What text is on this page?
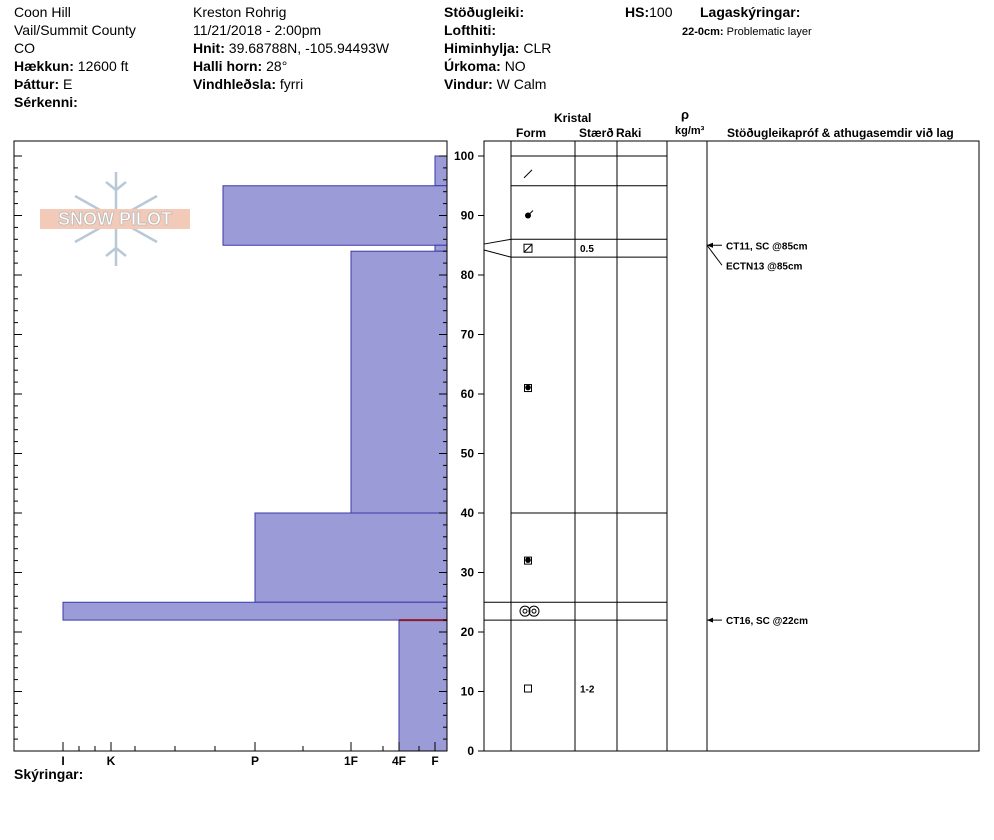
Coon Hill
Vail/Summit County
CO
Hækkun: 12600 ft
Þáttur: E
Sérkenni:
Kreston Rohrig
11/21/2018 - 2:00pm
Hnit: 39.68788N, -105.94493W
Halli horn: 28°
Vindhleðsla: fyrri
Stöðugleiki:
Lofthiti:
Himinhylja: CLR
Úrkoma: NO
Vindur: W Calm
HS:100 Lagaskýringar:
22-0cm: Problematic layer
Skýringar:
Kristal
Form	Stærð Raki
ρ
kg/m³ Stöðugleikapróf & athugasemdir við lag
SNOW PILOT
I	K	P	1F	4F F
0
10
20
30
40
50
60
70
80
90
100
0.5
1-2
CT11, SC @85cm
ECTN13 @85cm
CT16, SC @22cm
